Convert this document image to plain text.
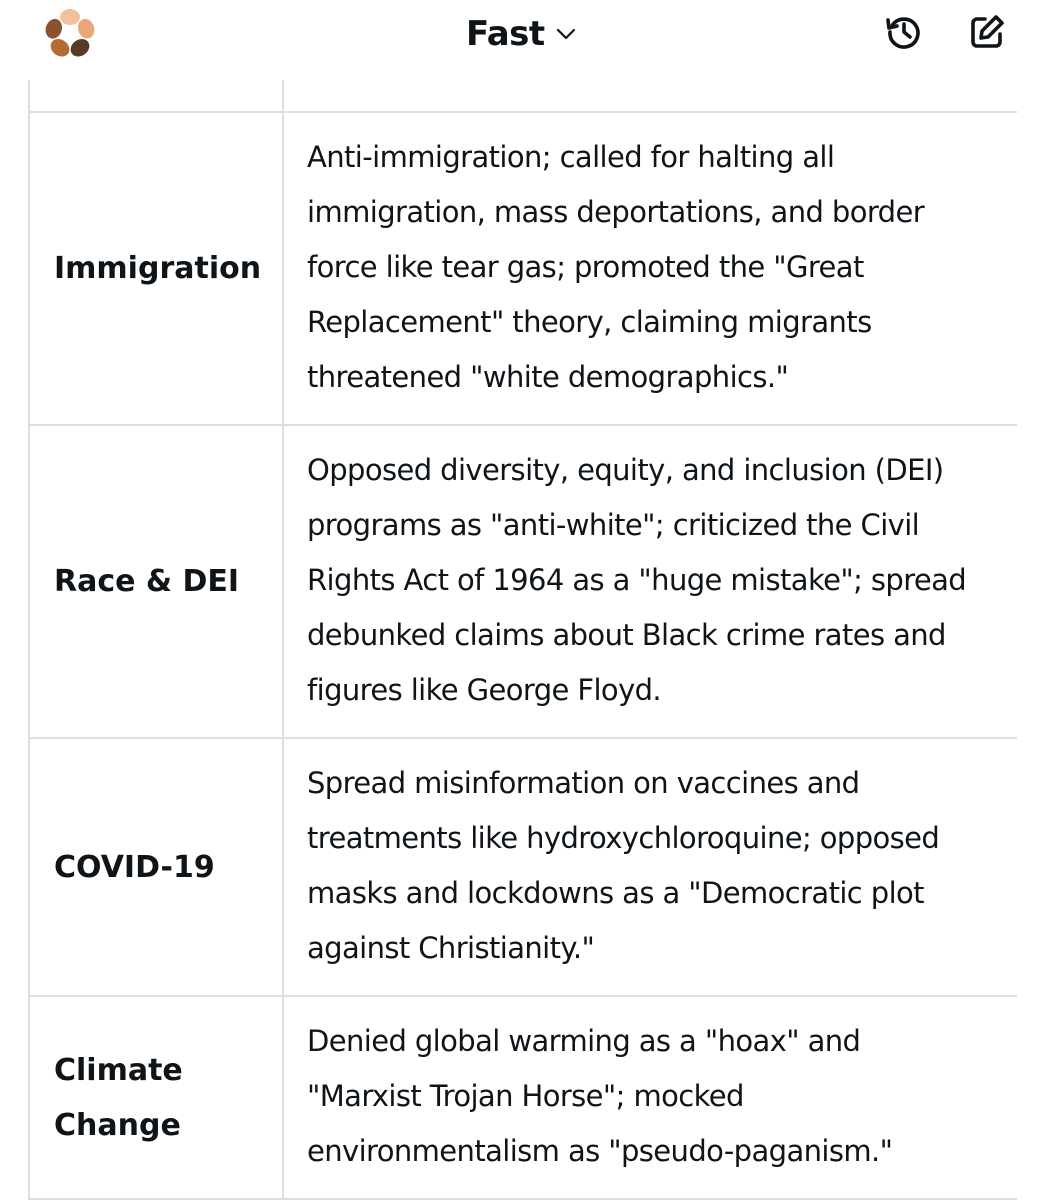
Fast

Immigration	Anti-immigration; called for halting all
immigration, mass deportations, and border
force like tear gas; promoted the "Great
Replacement" theory, claiming migrants
threatened "white demographics."

Race & DEI	Opposed diversity, equity, and inclusion (DEI)
programs as "anti-white"; criticized the Civil
Rights Act of 1964 as a "huge mistake"; spread
debunked claims about Black crime rates and
figures like George Floyd.

COVID-19	Spread misinformation on vaccines and
treatments like hydroxychloroquine; opposed
masks and lockdowns as a "Democratic plot
against Christianity."

Climate
Change	Denied global warming as a "hoax" and
"Marxist Trojan Horse"; mocked
environmentalism as "pseudo-paganism."
